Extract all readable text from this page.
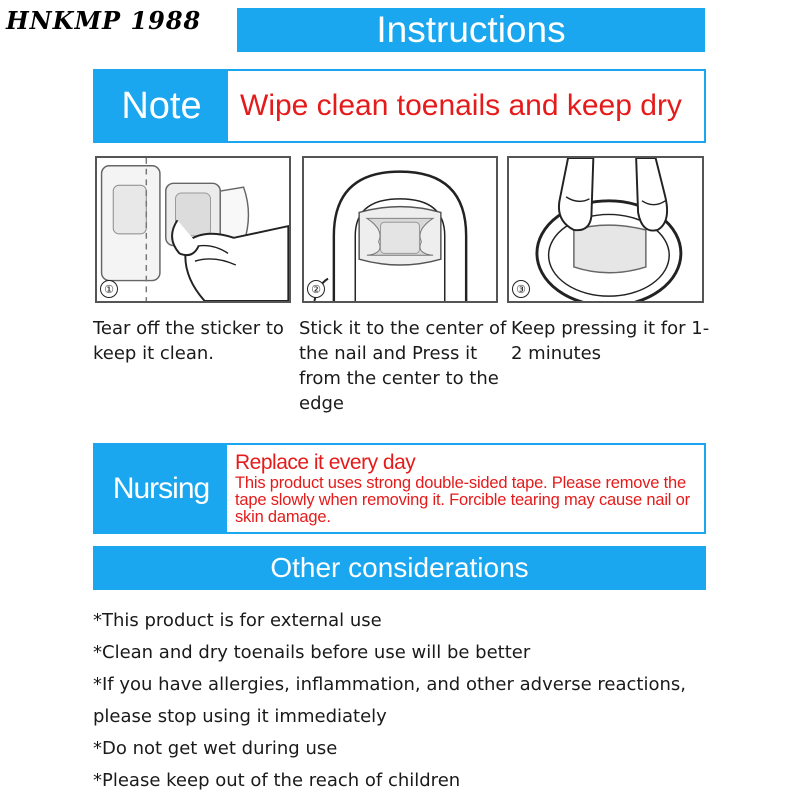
HNKMP 1988	Instructions
Note	Wipe clean toenails and keep dry
①	②	③
Tear off the sticker to keep it clean.
Stick it to the center of the nail and Press it from the center to the edge
Keep pressing it for 1-2 minutes
Nursing
Replace it every day
This product uses strong double-sided tape. Please remove the tape slowly when removing it. Forcible tearing may cause nail or skin damage.
Other considerations
*This product is for external use
*Clean and dry toenails before use will be better
*If you have allergies, inflammation, and other adverse reactions, please stop using it immediately
*Do not get wet during use
*Please keep out of the reach of children
